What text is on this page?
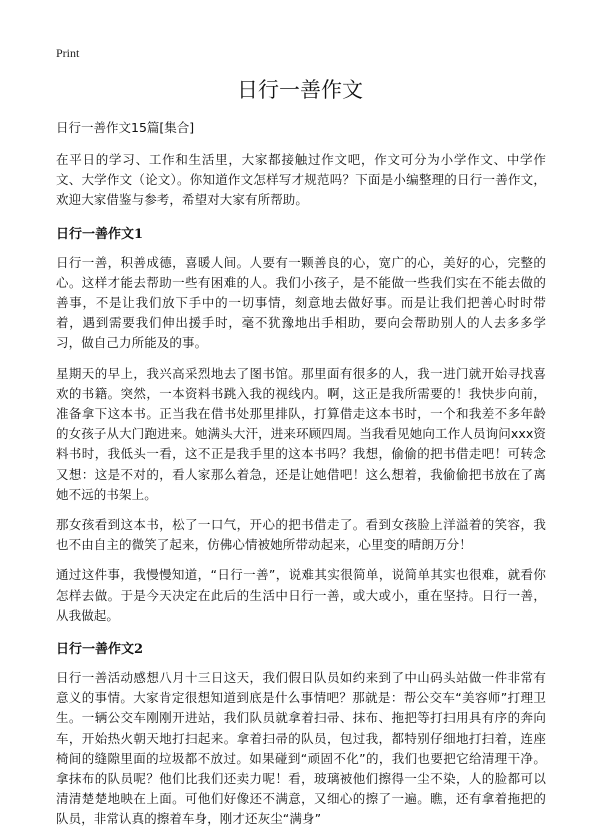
Print
日行一善作文
日行一善作文15篇[集合]

在平日的学习、工作和生活里，大家都接触过作文吧，作文可分为小学作文、中学作文、大学作文（论文）。你知道作文怎样写才规范吗？下面是小编整理的日行一善作文，欢迎大家借鉴与参考，希望对大家有所帮助。

日行一善作文1

日行一善，积善成德，喜暖人间。人要有一颗善良的心，宽广的心，美好的心，完整的心。这样才能去帮助一些有困难的人。我们小孩子，是不能做一些我们实在不能去做的善事，不是让我们放下手中的一切事情，刻意地去做好事。而是让我们把善心时时带着，遇到需要我们伸出援手时，毫不犹豫地出手相助，要向会帮助别人的人去多多学习，做自己力所能及的事。

星期天的早上，我兴高采烈地去了图书馆。那里面有很多的人，我一进门就开始寻找喜欢的书籍。突然，一本资料书跳入我的视线内。啊，这正是我所需要的！我快步向前，准备拿下这本书。正当我在借书处那里排队，打算借走这本书时，一个和我差不多年龄的女孩子从大门跑进来。她满头大汗，进来环顾四周。当我看见她向工作人员询问xxx资料书时，我低头一看，这不正是我手里的这本书吗？我想，偷偷的把书借走吧！可转念又想：这是不对的，看人家那么着急，还是让她借吧！这么想着，我偷偷把书放在了离她不远的书架上。

那女孩看到这本书，松了一口气，开心的把书借走了。看到女孩脸上洋溢着的笑容，我也不由自主的微笑了起来，仿佛心情被她所带动起来，心里变的晴朗万分！

通过这件事，我慢慢知道，“日行一善”，说难其实很简单，说简单其实也很难，就看你怎样去做。于是今天决定在此后的生活中日行一善，或大或小，重在坚持。日行一善，从我做起。

日行一善作文2

日行一善活动感想八月十三日这天，我们假日队员如约来到了中山码头站做一件非常有意义的事情。大家肯定很想知道到底是什么事情吧？那就是：帮公交车“美容师”打理卫生。一辆公交车刚刚开进站，我们队员就拿着扫帚、抹布、拖把等打扫用具有序的奔向车，开始热火朝天地打扫起来。拿着扫帚的队员，包过我，都特别仔细地打扫着，连座椅间的缝隙里面的垃圾都不放过。如果碰到“顽固不化”的，我们也要把它给清理干净。拿抹布的队员呢？他们比我们还卖力呢！看，玻璃被他们擦得一尘不染，人的脸都可以清清楚楚地映在上面。可他们好像还不满意，又细心的擦了一遍。瞧，还有拿着拖把的队员，非常认真的擦着车身，刚才还灰尘“满身”
